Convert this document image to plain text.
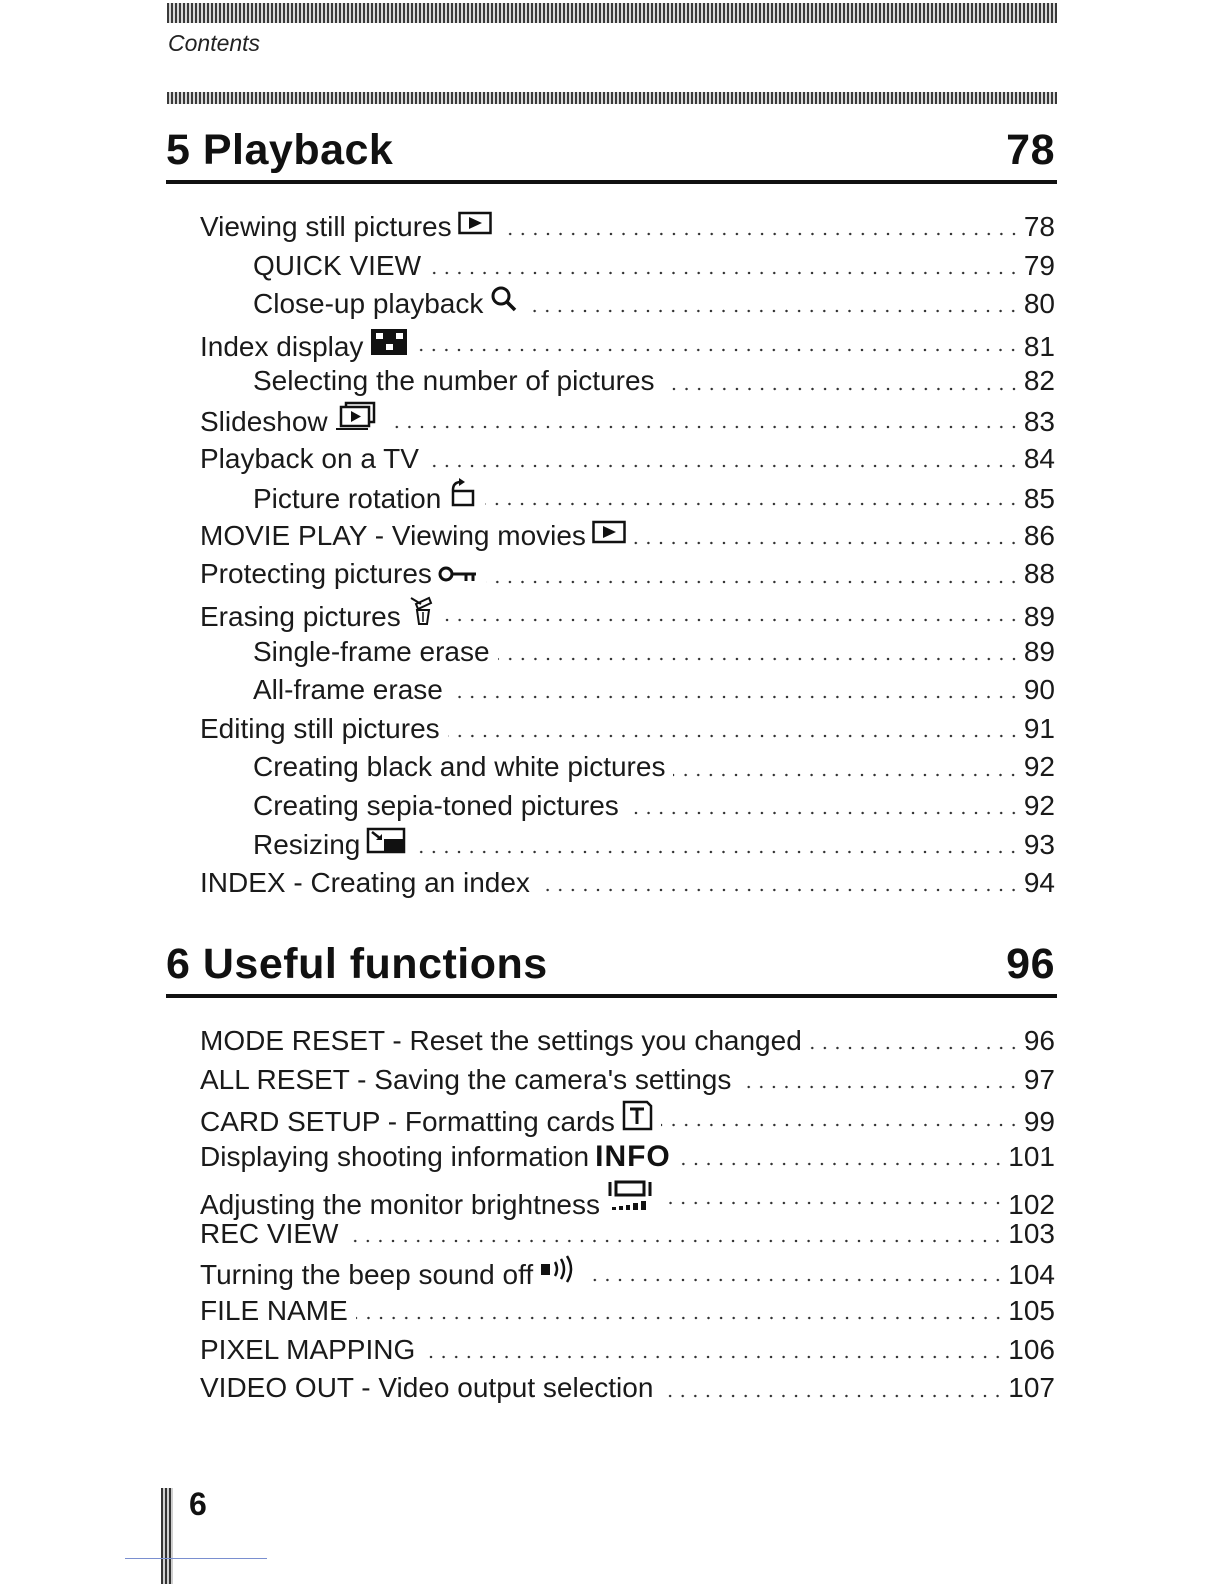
Contents
5 Playback	78
Viewing still pictures	78
QUICK VIEW	79
Close-up playback	80
Index display	81
Selecting the number of pictures	82
Slideshow	83
Playback on a TV	84
Picture rotation	85
MOVIE PLAY - Viewing movies	86
Protecting pictures	88
Erasing pictures	89
Single-frame erase	89
All-frame erase	90
Editing still pictures	91
Creating black and white pictures	92
Creating sepia-toned pictures	92
Resizing	93
INDEX - Creating an index	94
6 Useful functions	96
MODE RESET - Reset the settings you changed	96
ALL RESET - Saving the camera's settings	97
CARD SETUP - Formatting cards	99
Displaying shooting information INFO	101
Adjusting the monitor brightness	102
REC VIEW	103
Turning the beep sound off	104
FILE NAME	105
PIXEL MAPPING	106
VIDEO OUT - Video output selection	107
6
